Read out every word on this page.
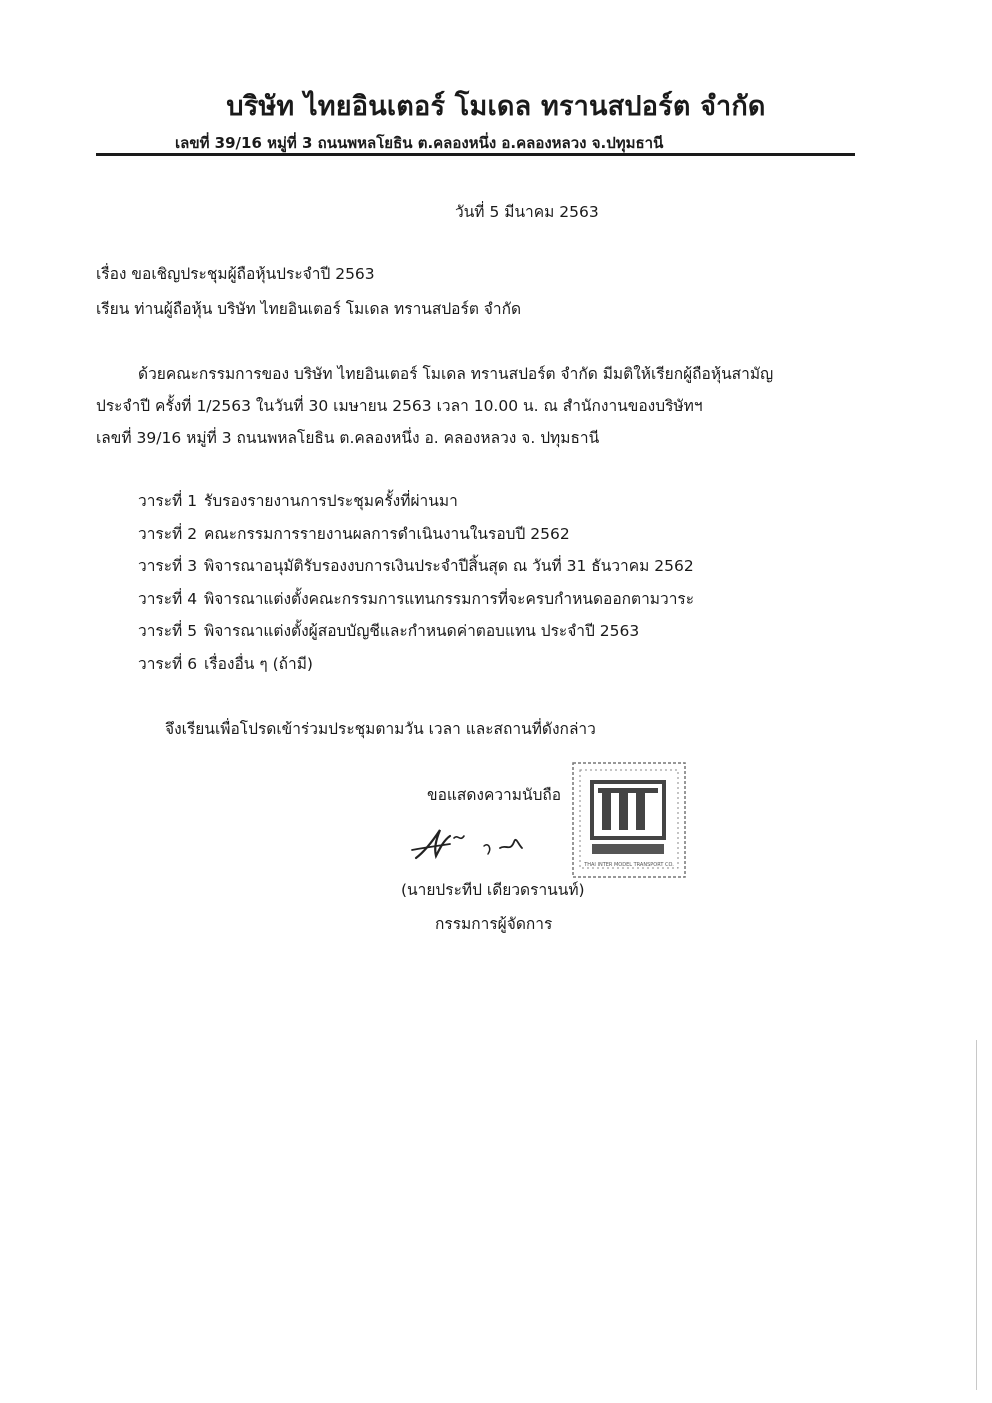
บริษัท ไทยอินเตอร์ โมเดล ทรานสปอร์ต จำกัด
เลขที่ 39/16 หมู่ที่ 3 ถนนพหลโยธิน ต.คลองหนึ่ง อ.คลองหลวง จ.ปทุมธานี
วันที่ 5 มีนาคม 2563
เรื่อง ขอเชิญประชุมผู้ถือหุ้นประจำปี 2563
เรียน ท่านผู้ถือหุ้น บริษัท ไทยอินเตอร์ โมเดล ทรานสปอร์ต จำกัด
ด้วยคณะกรรมการของ บริษัท ไทยอินเตอร์ โมเดล ทรานสปอร์ต จำกัด มีมติให้เรียกผู้ถือหุ้นสามัญ
ประจำปี ครั้งที่ 1/2563 ในวันที่ 30 เมษายน 2563 เวลา 10.00 น. ณ สำนักงานของบริษัทฯ
เลขที่ 39/16 หมู่ที่ 3 ถนนพหลโยธิน ต.คลองหนึ่ง อ. คลองหลวง จ. ปทุมธานี
วาระที่ 1 รับรองรายงานการประชุมครั้งที่ผ่านมา
วาระที่ 2 คณะกรรมการรายงานผลการดำเนินงานในรอบปี 2562
วาระที่ 3 พิจารณาอนุมัติรับรองงบการเงินประจำปีสิ้นสุด ณ วันที่ 31 ธันวาคม 2562
วาระที่ 4 พิจารณาแต่งตั้งคณะกรรมการแทนกรรมการที่จะครบกำหนดออกตามวาระ
วาระที่ 5 พิจารณาแต่งตั้งผู้สอบบัญชีและกำหนดค่าตอบแทน ประจำปี 2563
วาระที่ 6 เรื่องอื่น ๆ (ถ้ามี)
จึงเรียนเพื่อโปรดเข้าร่วมประชุมตามวัน เวลา และสถานที่ดังกล่าว
ขอแสดงความนับถือ
THAI INTER MODEL TRANSPORT CO.
(นายประทีป เดียวดรานนท์)
กรรมการผู้จัดการ
